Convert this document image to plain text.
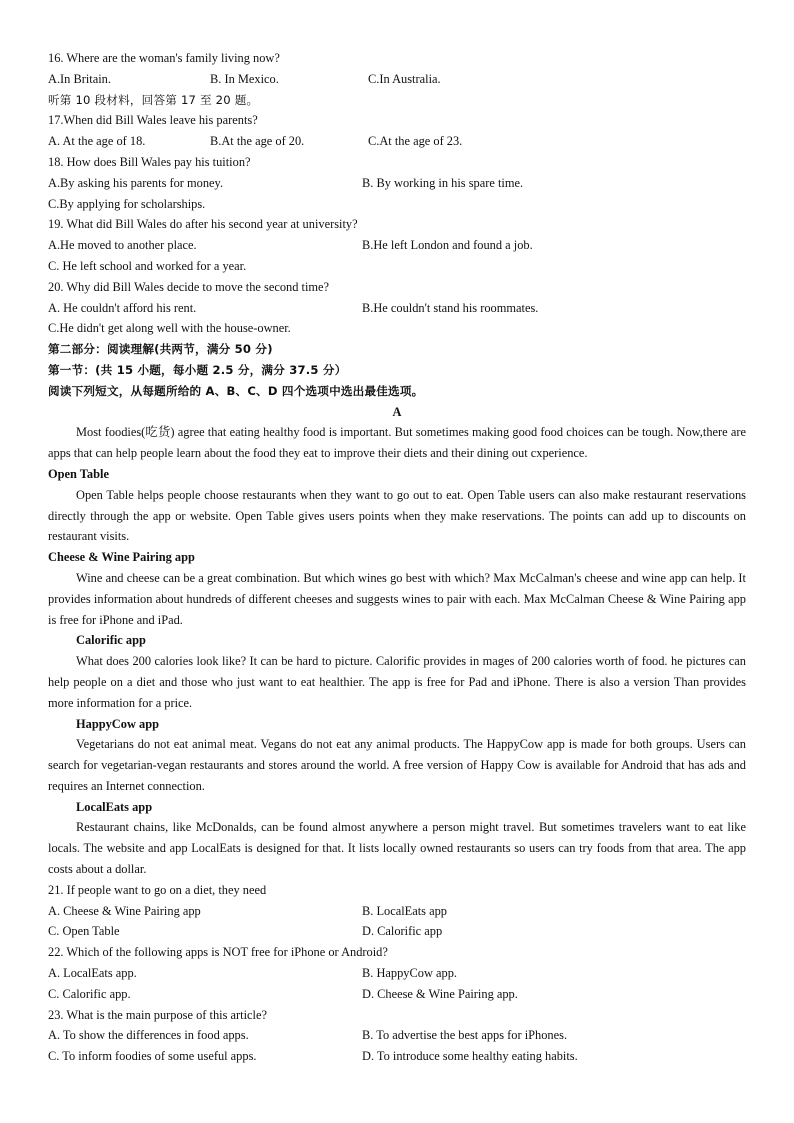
16. Where are the woman's family living now?
A.In Britain.	B. In Mexico.	C.In Australia.
听第 10 段材料，回答第 17 至 20 题。
17.When did Bill Wales leave his parents?
A. At the age of 18.	B.At the age of 20.	C.At the age of 23.
18. How does Bill Wales pay his tuition?
A.By asking his parents for money.	B. By working in his spare time.
C.By applying for scholarships.
19. What did Bill Wales do after his second year at university?
A.He moved to another place.	B.He left London and found a job.
C. He left school and worked for a year.
20. Why did Bill Wales decide to move the second time?
A. He couldn't afford his rent.	B.He couldn't stand his roommates.
C.He didn't get along well with the house-owner.
第二部分：阅读理解(共两节，满分 50 分)
第一节：(共 15 小题，每小题 2.5 分，满分 37.5 分）
阅读下列短文，从每题所给的 A、B、C、D 四个选项中选出最佳选项。
A
Most foodies(吃货) agree that eating healthy food is important. But sometimes making good food choices can be tough. Now,there are apps that can help people learn about the food they eat to improve their diets and their dining out cxperience.
Open Table
Open Table helps people choose restaurants when they want to go out to eat. Open Table users can also make restaurant reservations directly through the app or website. Open Table gives users points when they make reservations. The points can add up to discounts on restaurant visits.
Cheese & Wine Pairing app
Wine and cheese can be a great combination. But which wines go best with which? Max McCalman's cheese and wine app can help. It provides information about hundreds of different cheeses and suggests wines to pair with each. Max McCalman Cheese & Wine Pairing app is free for iPhone and iPad.
Calorific app
What does 200 calories look like? It can be hard to picture. Calorific provides in mages of 200 calories worth of food. he pictures can help people on a diet and those who just want to eat healthier. The app is free for Pad and iPhone. There is also a version Than provides more information for a price.
HappyCow app
Vegetarians do not eat animal meat. Vegans do not eat any animal products. The HappyCow app is made for both groups. Users can search for vegetarian-vegan restaurants and stores around the world. A free version of Happy Cow is available for Android that has ads and requires an Internet connection.
LocalEats app
Restaurant chains, like McDonalds, can be found almost anywhere a person might travel. But sometimes travelers want to eat like locals. The website and app LocalEats is designed for that. It lists locally owned restaurants so users can try foods from that area. The app costs about a dollar.
21. If people want to go on a diet, they need
A. Cheese & Wine Pairing app	B. LocalEats app
C. Open Table	D. Calorific app
22. Which of the following apps is NOT free for iPhone or Android?
A. LocalEats app.	B. HappyCow app.
C. Calorific app.	D. Cheese & Wine Pairing app.
23. What is the main purpose of this article?
A. To show the differences in food apps.	B. To advertise the best apps for iPhones.
C. To inform foodies of some useful apps.	D. To introduce some healthy eating habits.
